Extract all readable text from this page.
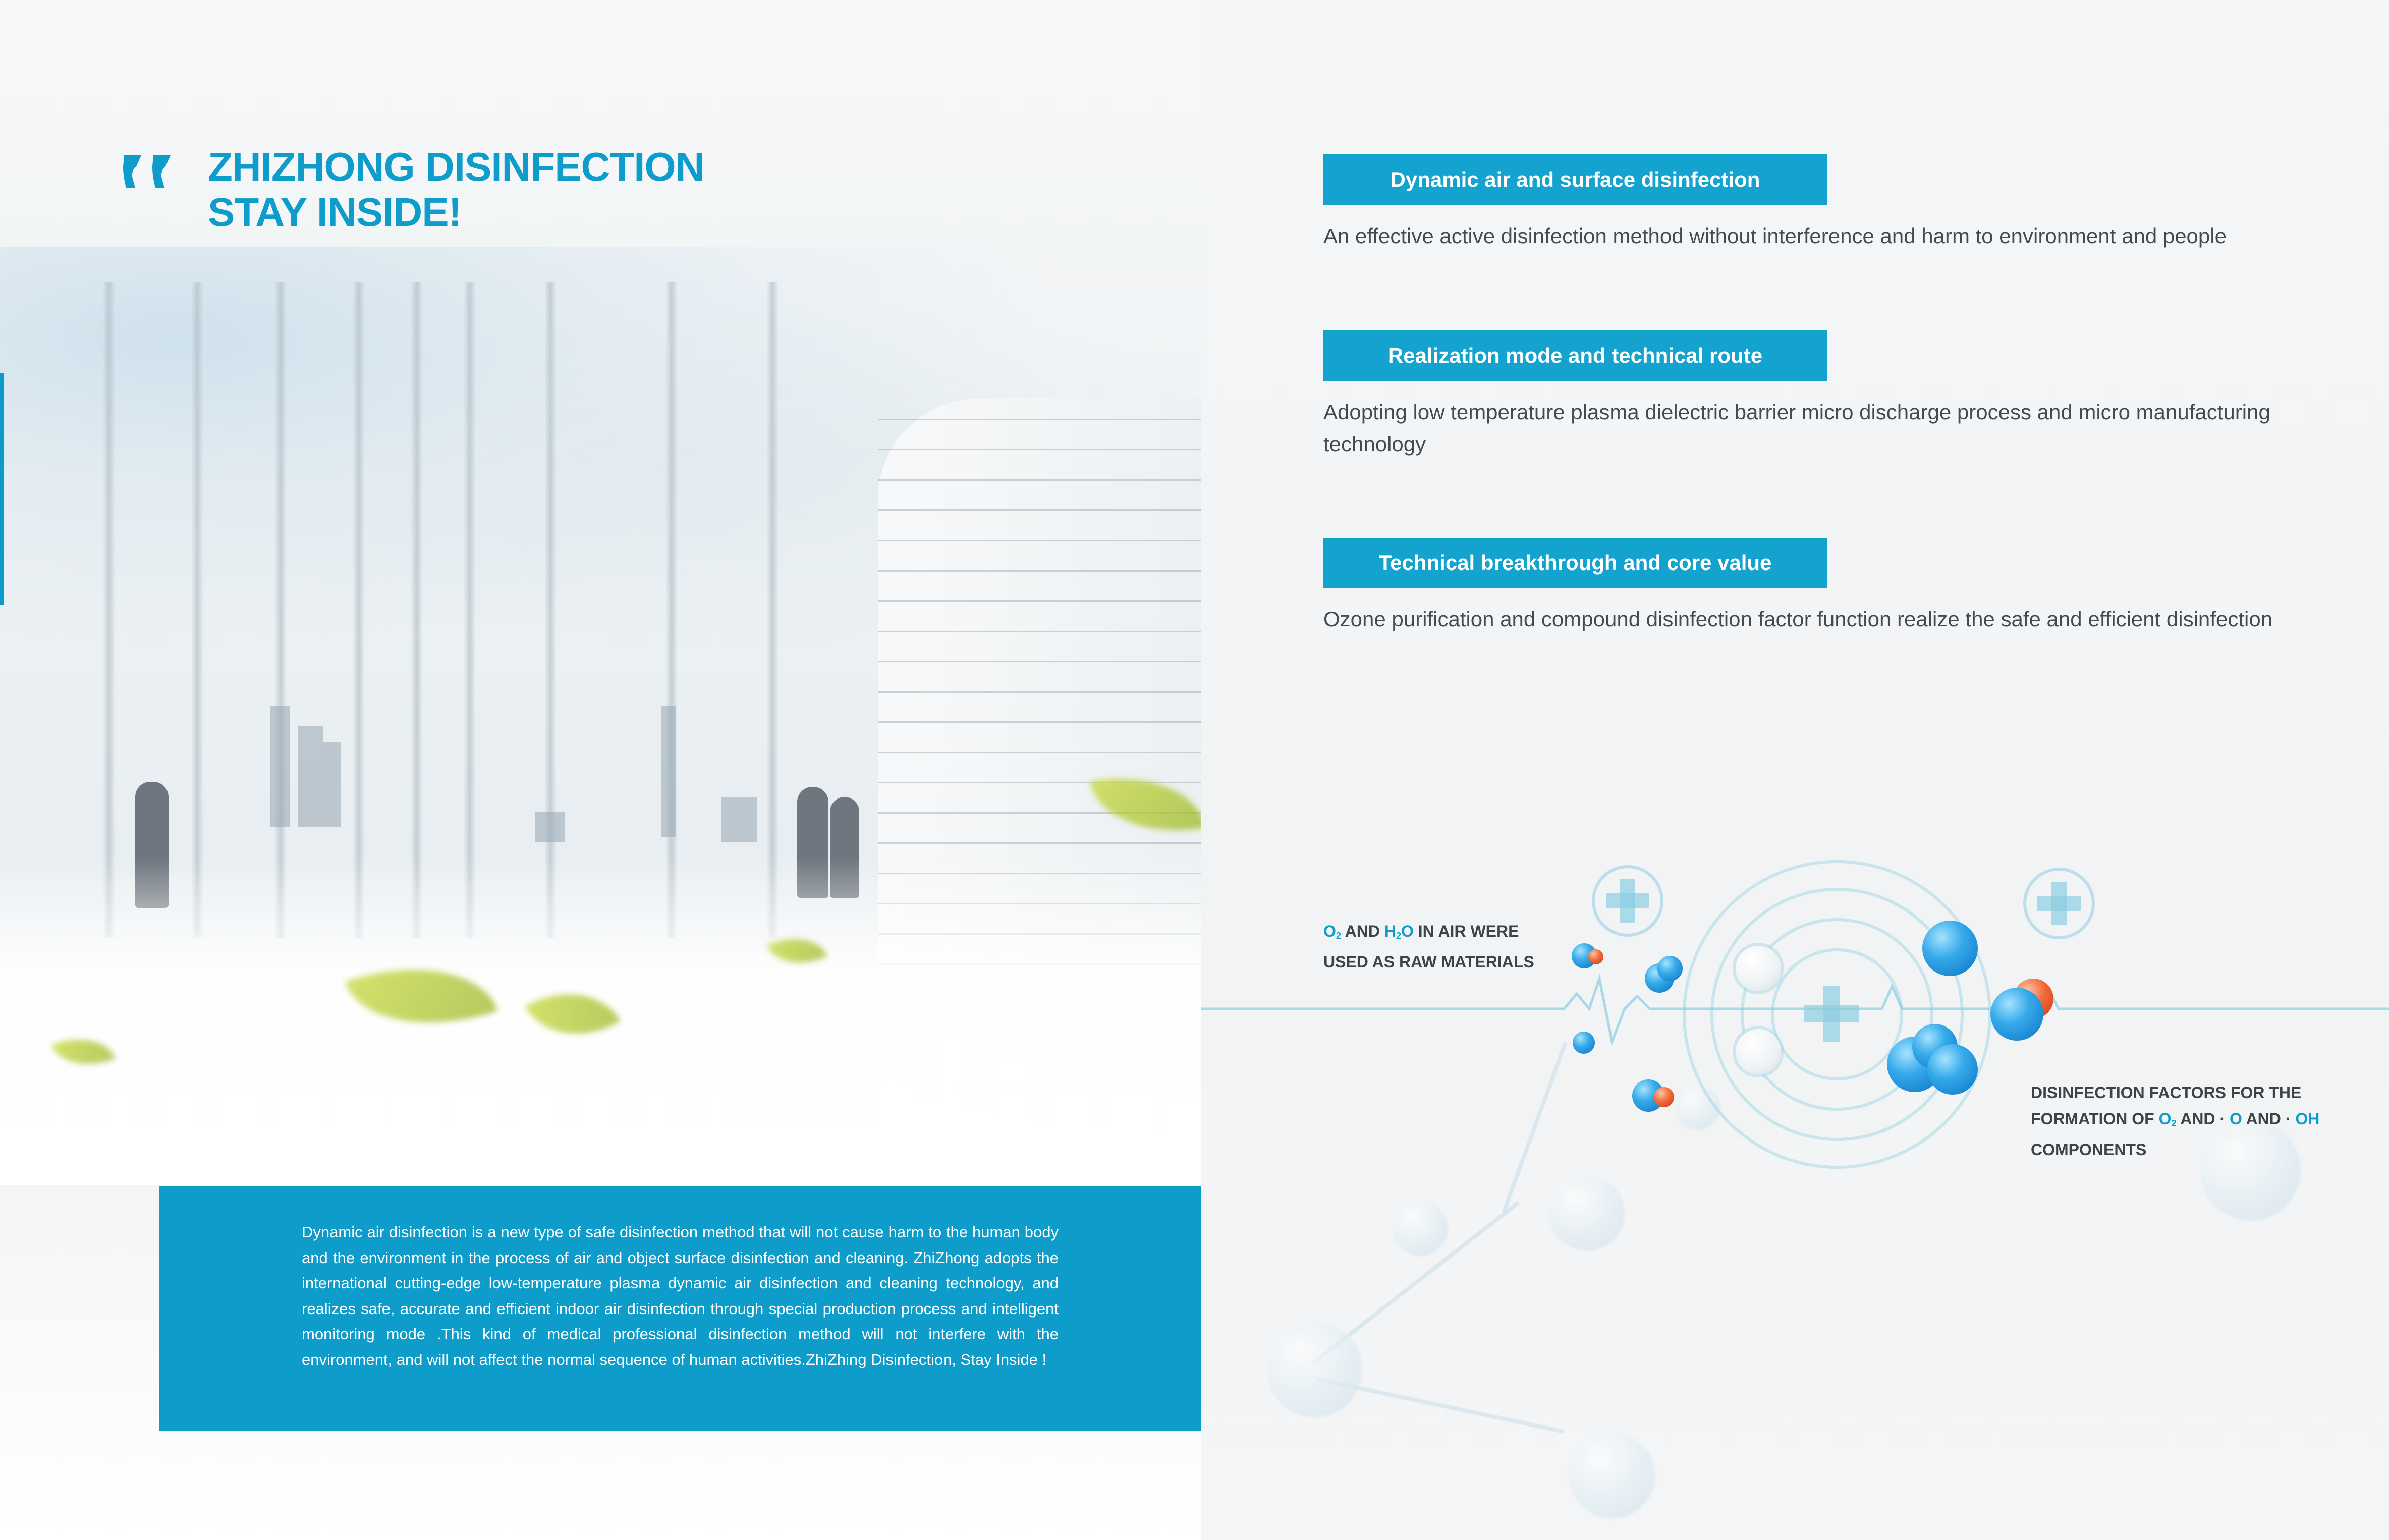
ZHIZHONG DISINFECTION
STAY INSIDE!

Dynamic air disinfection is a new type of safe disinfection method that will not cause harm to the human body and the environment in the process of air and object surface disinfection and cleaning. ZhiZhong adopts the international cutting-edge low-temperature plasma dynamic air disinfection and cleaning technology, and realizes safe, accurate and efficient indoor air disinfection through special production process and intelligent monitoring mode .This kind of medical professional disinfection method will not interfere with the environment, and will not affect the normal sequence of human activities.ZhiZhing Disinfection, Stay Inside !

Dynamic air and surface disinfection

An effective active disinfection method without interference and harm to environment and people

Realization mode and technical route

Adopting low temperature plasma dielectric barrier micro discharge process and micro manufacturing technology

Technical breakthrough and core value

Ozone purification and compound disinfection factor function realize the safe and efficient disinfection

$O_2$ AND $H_2O$ IN AIR WERE
USED AS RAW MATERIALS

DISINFECTION FACTORS FOR THE
FORMATION OF $O_2$ AND · O AND · OH
COMPONENTS
